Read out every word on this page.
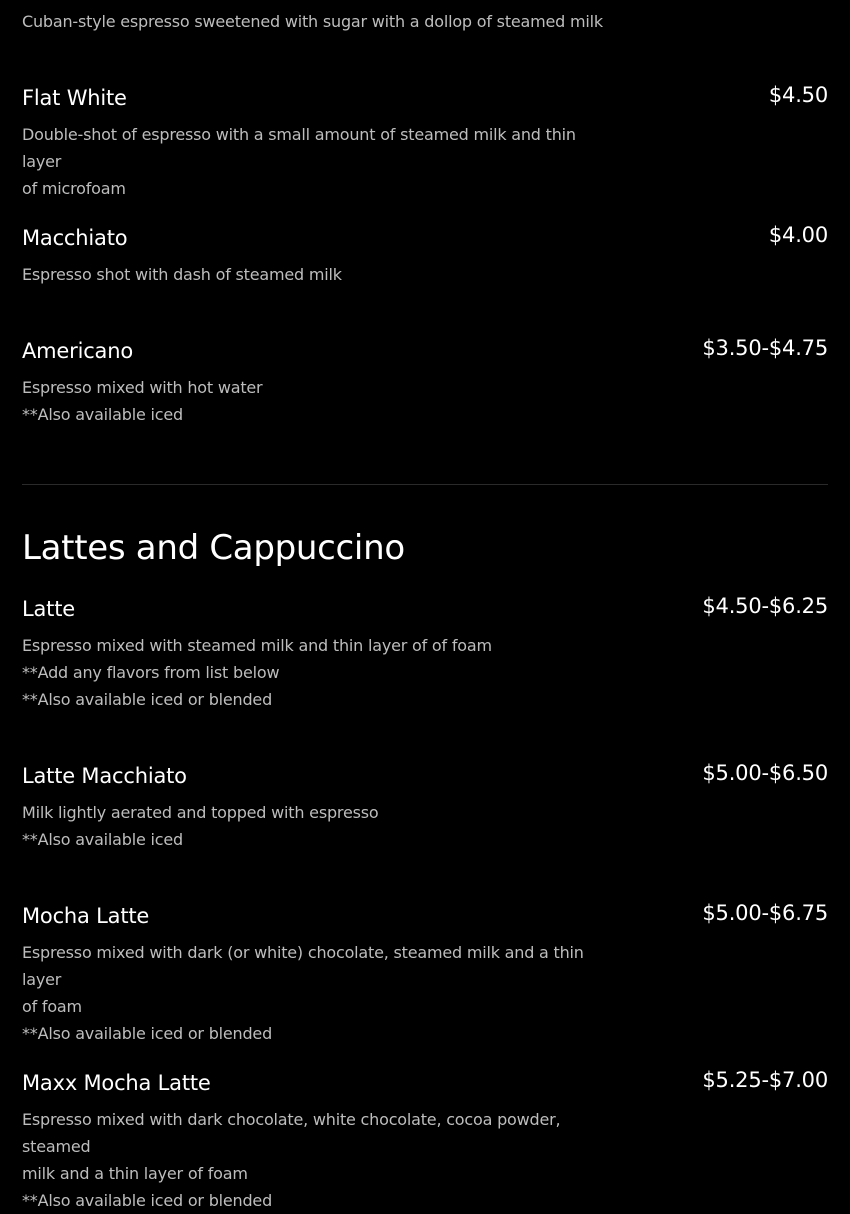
Cuban-style espresso sweetened with sugar with a dollop of steamed milk
Flat White	$4.50
Double-shot of espresso with a small amount of steamed milk and thin layer
of microfoam
Macchiato	$4.00
Espresso shot with dash of steamed milk
Americano	$3.50-$4.75
Espresso mixed with hot water
**Also available iced
Lattes and Cappuccino
Latte	$4.50-$6.25
Espresso mixed with steamed milk and thin layer of of foam
**Add any flavors from list below
**Also available iced or blended
Latte Macchiato	$5.00-$6.50
Milk lightly aerated and topped with espresso
**Also available iced
Mocha Latte	$5.00-$6.75
Espresso mixed with dark (or white) chocolate, steamed milk and a thin layer
of foam
**Also available iced or blended
Maxx Mocha Latte	$5.25-$7.00
Espresso mixed with dark chocolate, white chocolate, cocoa powder, steamed
milk and a thin layer of foam
**Also available iced or blended
